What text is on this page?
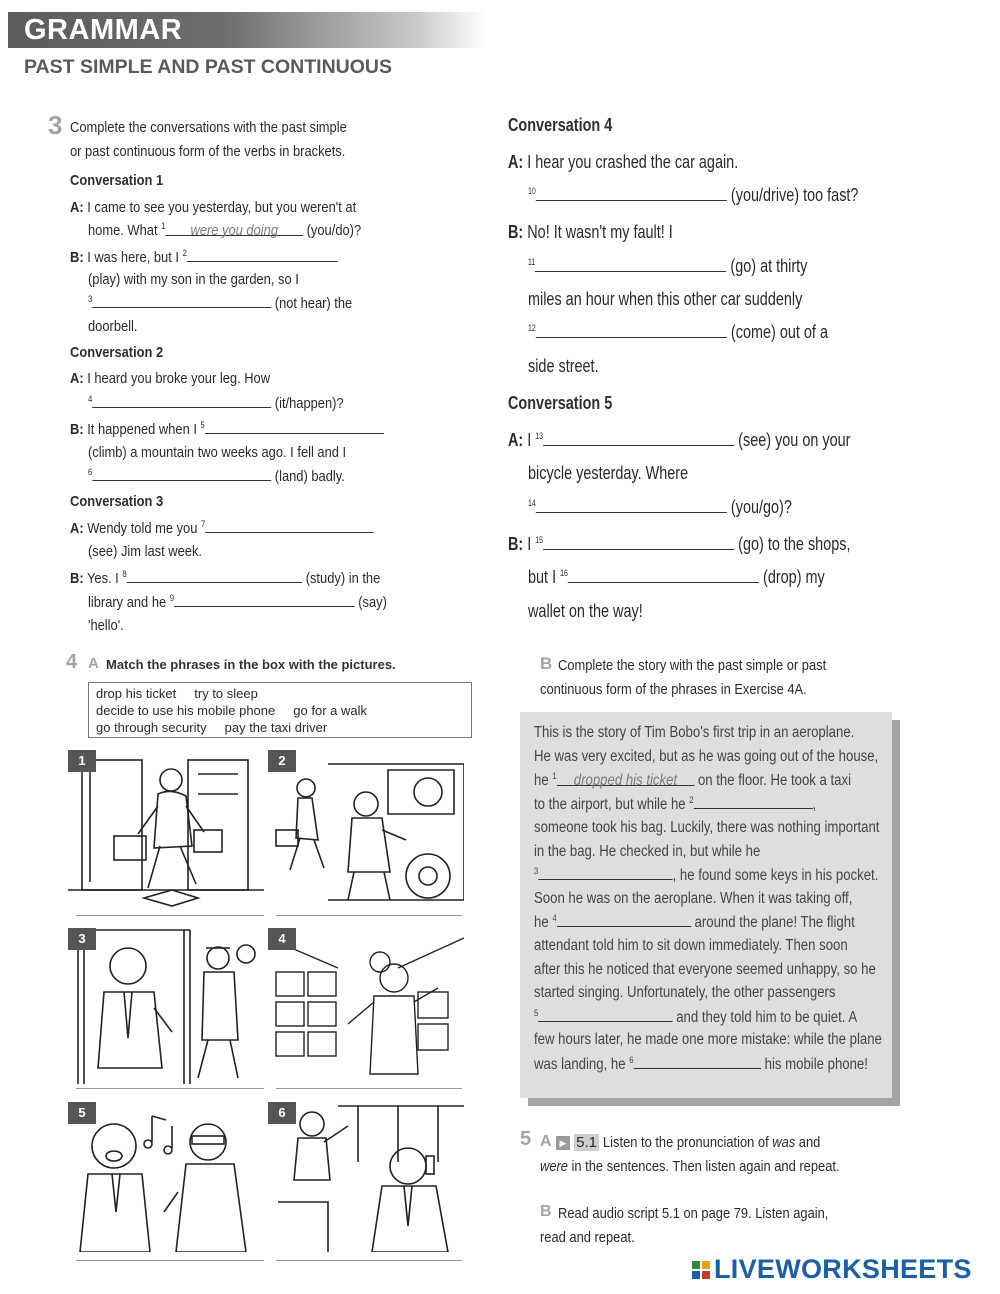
GRAMMAR
PAST SIMPLE AND PAST CONTINUOUS
3 Complete the conversations with the past simple
or past continuous form of the verbs in brackets.
Conversation 1
A: I came to see you yesterday, but you weren't at
home. What $^1$ were you doing (you/do)?
B: I was here, but I $^2$
(play) with my son in the garden, so I
$^3$	(not hear) the
doorbell.
Conversation 2
A: I heard you broke your leg. How
$^4$	(it/happen)?
B: It happened when I $^5$
(climb) a mountain two weeks ago. I fell and I
$^6$	(land) badly.
Conversation 3
A: Wendy told me you $^7$
(see) Jim last week.
B: Yes. I $^8$	(study) in the
library and he $^9$	(say)
'hello'.
Conversation 4
A: I hear you crashed the car again.
$^{10}$	(you/drive) too fast?
B: No! It wasn't my fault! I
$^{11}$	(go) at thirty
miles an hour when this other car suddenly
$^{12}$	(come) out of a
side street.
Conversation 5
A: I $^{13}$	(see) you on your
bicycle yesterday. Where
$^{14}$	(you/go)?
B: I $^{15}$	(go) to the shops,
but I $^{16}$	(drop) my
wallet on the way!
4 A Match the phrases in the box with the pictures.
drop his ticket     try to sleep
decide to use his mobile phone     go for a walk
go through security     pay the taxi driver
1	2
3	4
5	6
B Complete the story with the past simple or past
continuous form of the phrases in Exercise 4A.
This is the story of Tim Bobo's first trip in an aeroplane.
He was very excited, but as he was going out of the house,
he $^1$ dropped his ticket on the floor. He took a taxi
to the airport, but while he $^2$	,
someone took his bag. Luckily, there was nothing important
in the bag. He checked in, but while he
$^3$	, he found some keys in his pocket.
Soon he was on the aeroplane. When it was taking off,
he $^4$	around the plane! The flight
attendant told him to sit down immediately. Then soon
after this he noticed that everyone seemed unhappy, so he
started singing. Unfortunately, the other passengers
$^5$	and they told him to be quiet. A
few hours later, he made one more mistake: while the plane
was landing, he $^6$	his mobile phone!
5 A ▶ 5.1 Listen to the pronunciation of was and
were in the sentences. Then listen again and repeat.
B Read audio script 5.1 on page 79. Listen again,
read and repeat.
LIVEWORKSHEETS
